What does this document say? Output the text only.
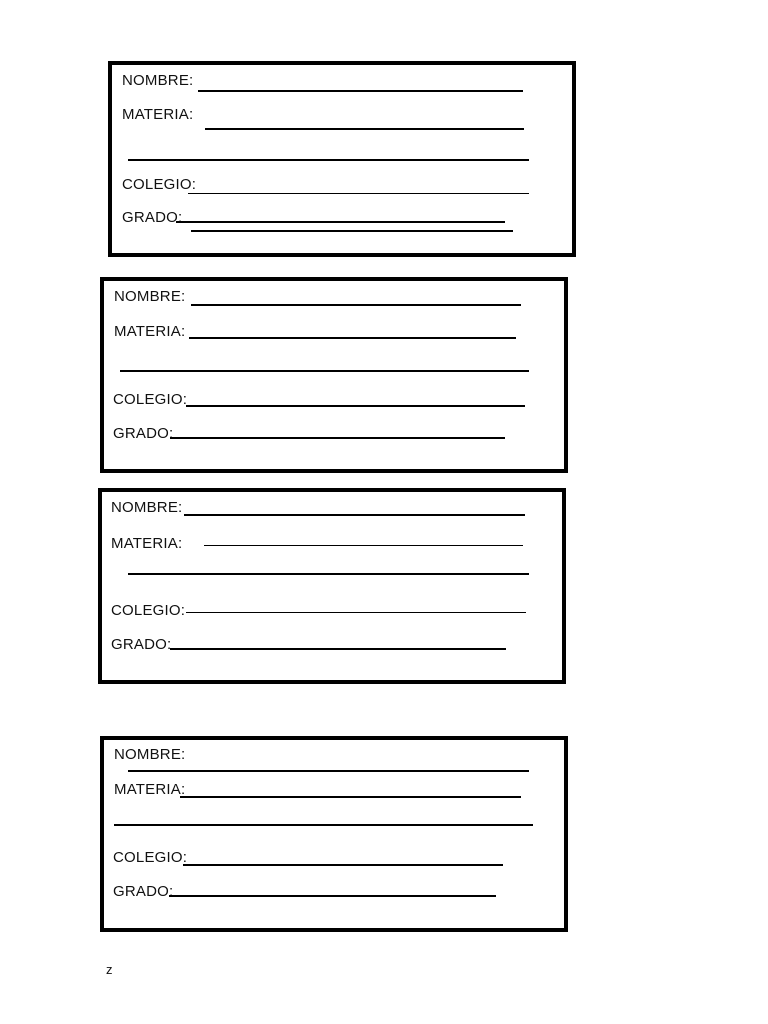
NOMBRE:
MATERIA:
COLEGIO:
GRADO:
NOMBRE:
MATERIA:
COLEGIO:
GRADO:
NOMBRE:
MATERIA:
COLEGIO:
GRADO:
NOMBRE:
MATERIA:
COLEGIO:
GRADO:
z
